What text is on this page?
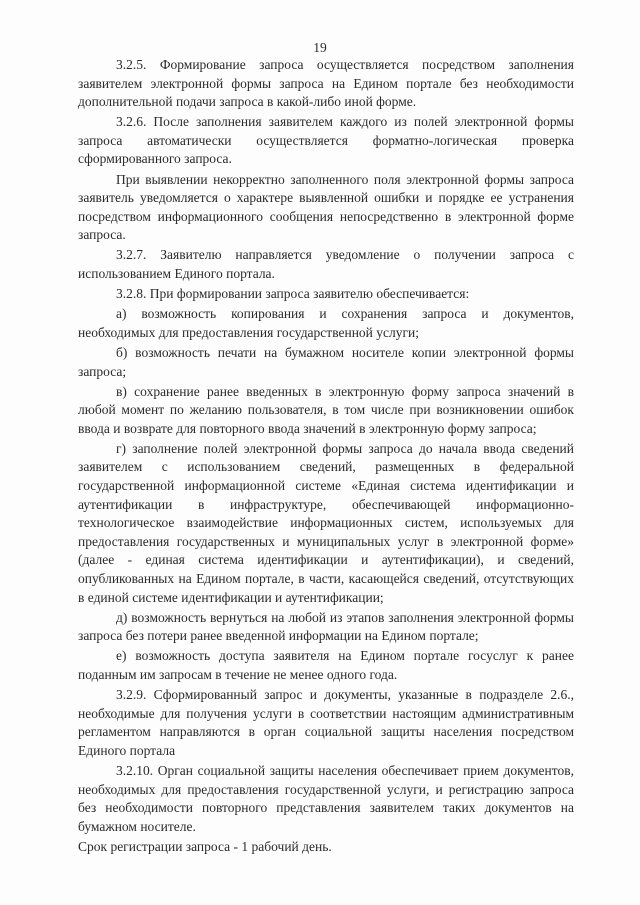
19

3.2.5. Формирование запроса осуществляется посредством заполнения заявителем электронной формы запроса на Едином портале без необходимости дополнительной подачи запроса в какой-либо иной форме.

3.2.6. После заполнения заявителем каждого из полей электронной формы запроса автоматически осуществляется форматно-логическая проверка сформированного запроса.

При выявлении некорректно заполненного поля электронной формы запроса заявитель уведомляется о характере выявленной ошибки и порядке ее устранения посредством информационного сообщения непосредственно в электронной форме запроса.

3.2.7. Заявителю направляется уведомление о получении запроса с использованием Единого портала.

3.2.8. При формировании запроса заявителю обеспечивается:

а) возможность копирования и сохранения запроса и документов, необходимых для предоставления государственной услуги;

б) возможность печати на бумажном носителе копии электронной формы запроса;

в) сохранение ранее введенных в электронную форму запроса значений в любой момент по желанию пользователя, в том числе при возникновении ошибок ввода и возврате для повторного ввода значений в электронную форму запроса;

г) заполнение полей электронной формы запроса до начала ввода сведений заявителем с использованием сведений, размещенных в федеральной государственной информационной системе «Единая система идентификации и аутентификации в инфраструктуре, обеспечивающей информационно-технологическое взаимодействие информационных систем, используемых для предоставления государственных и муниципальных услуг в электронной форме» (далее - единая система идентификации и аутентификации), и сведений, опубликованных на Едином портале, в части, касающейся сведений, отсутствующих в единой системе идентификации и аутентификации;

д) возможность вернуться на любой из этапов заполнения электронной формы запроса без потери ранее введенной информации на Едином портале;

е) возможность доступа заявителя на Едином портале госуслуг к ранее поданным им запросам в течение не менее одного года.

3.2.9. Сформированный запрос и документы, указанные в подразделе 2.6., необходимые для получения услуги в соответствии настоящим административным регламентом направляются в орган социальной защиты населения посредством Единого портала

3.2.10. Орган социальной защиты населения обеспечивает прием документов, необходимых для предоставления государственной услуги, и регистрацию запроса без необходимости повторного представления заявителем таких документов на бумажном носителе.

Срок регистрации запроса - 1 рабочий день.
